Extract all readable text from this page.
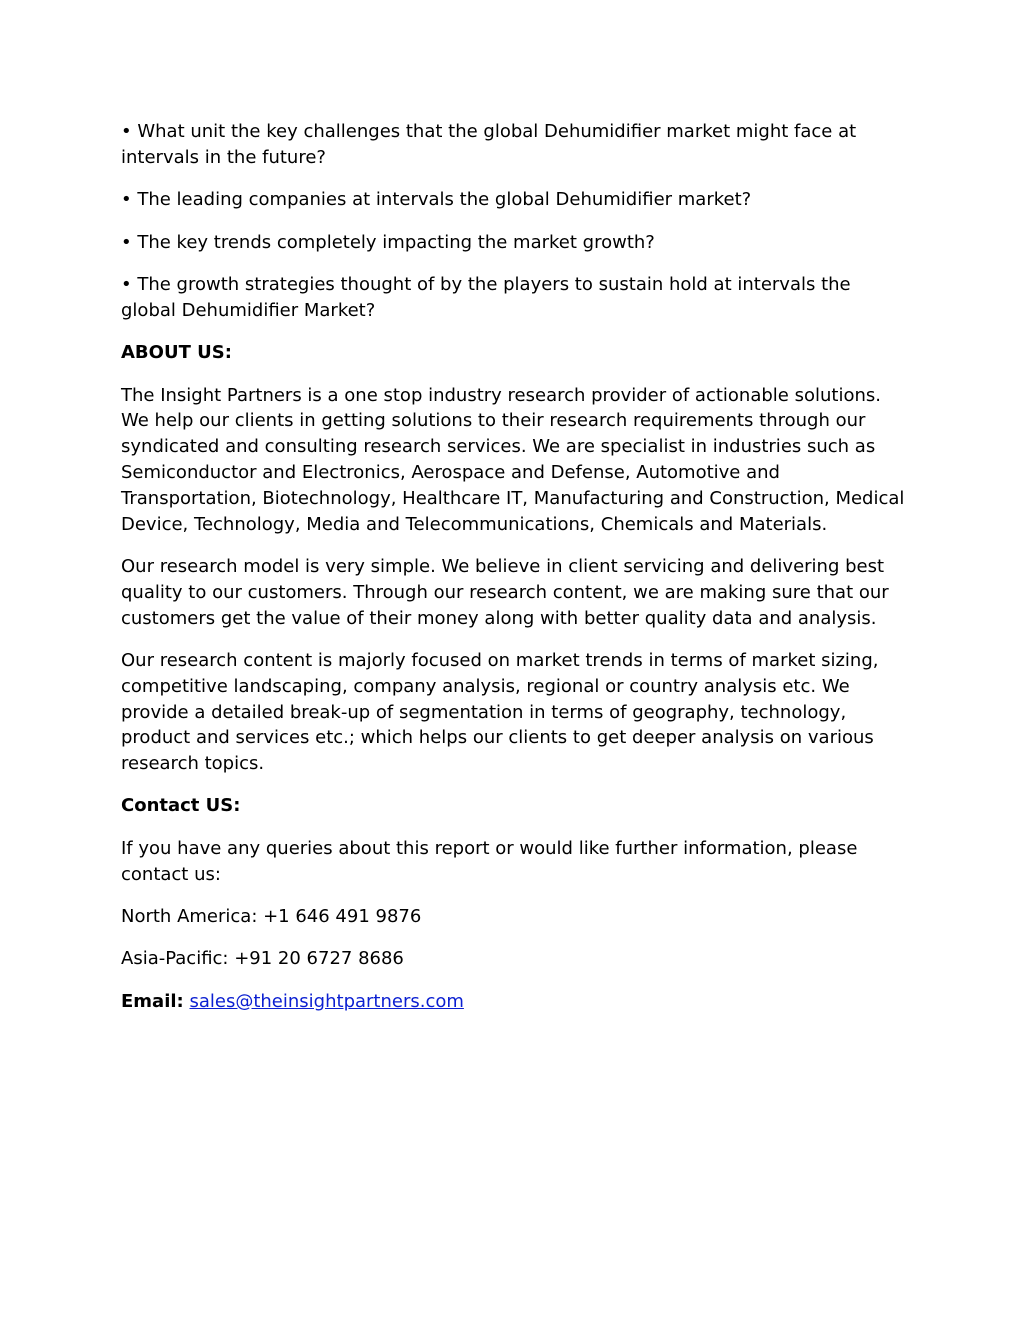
• What unit the key challenges that the global Dehumidifier market might face at intervals in the future?

• The leading companies at intervals the global Dehumidifier market?

• The key trends completely impacting the market growth?

• The growth strategies thought of by the players to sustain hold at intervals the global Dehumidifier Market?

ABOUT US:

The Insight Partners is a one stop industry research provider of actionable solutions. We help our clients in getting solutions to their research requirements through our syndicated and consulting research services. We are specialist in industries such as Semiconductor and Electronics, Aerospace and Defense, Automotive and Transportation, Biotechnology, Healthcare IT, Manufacturing and Construction, Medical Device, Technology, Media and Telecommunications, Chemicals and Materials.

Our research model is very simple. We believe in client servicing and delivering best quality to our customers. Through our research content, we are making sure that our customers get the value of their money along with better quality data and analysis.

Our research content is majorly focused on market trends in terms of market sizing, competitive landscaping, company analysis, regional or country analysis etc. We provide a detailed break-up of segmentation in terms of geography, technology, product and services etc.; which helps our clients to get deeper analysis on various research topics.

Contact US:

If you have any queries about this report or would like further information, please contact us:

North America: +1 646 491 9876

Asia-Pacific: +91 20 6727 8686

Email: sales@theinsightpartners.com
